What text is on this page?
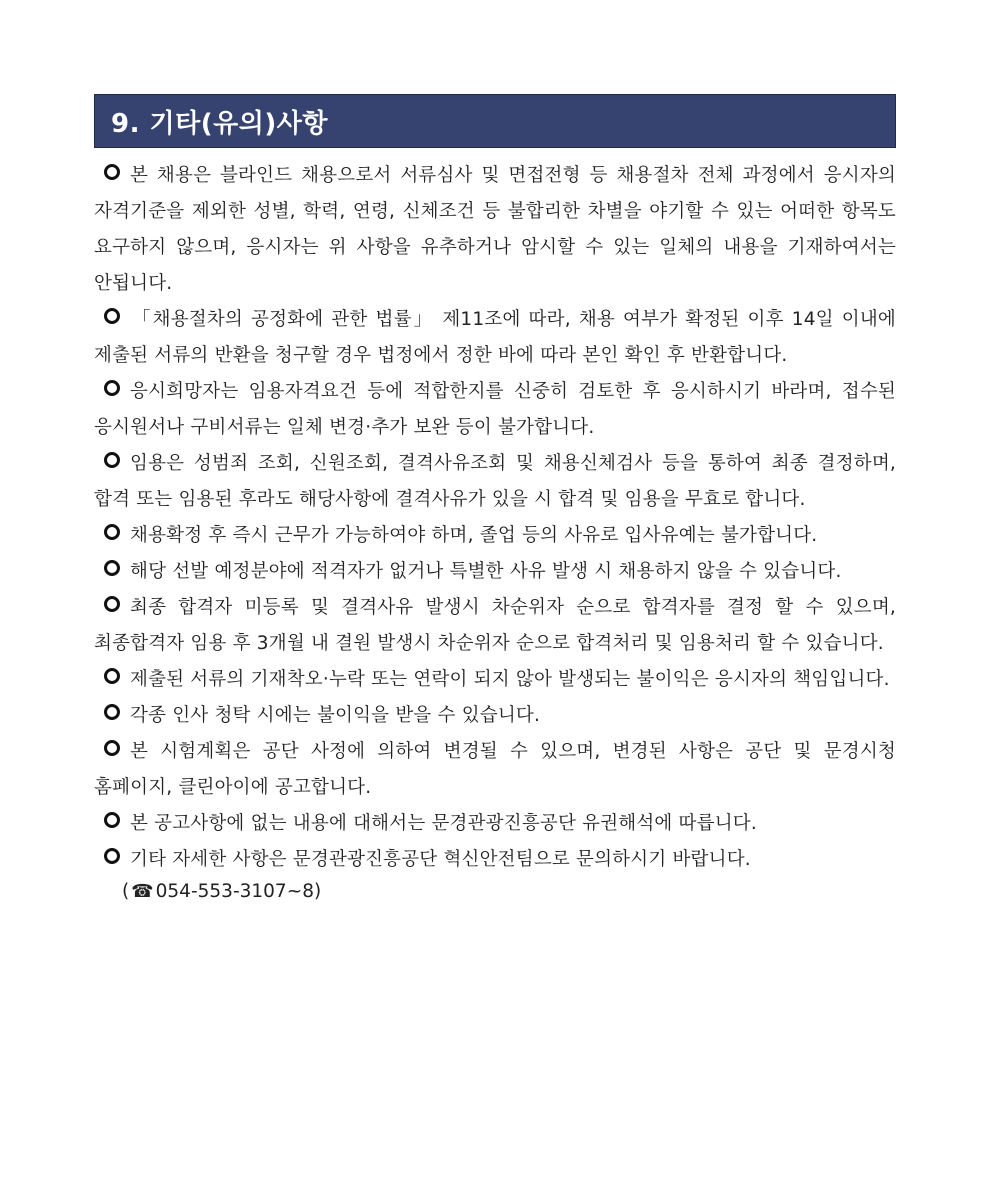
9. 기타(유의)사항
본 채용은 블라인드 채용으로서 서류심사 및 면접전형 등 채용절차 전체 과정에서 응시자의 자격기준을 제외한 성별, 학력, 연령, 신체조건 등 불합리한 차별을 야기할 수 있는 어떠한 항목도 요구하지 않으며, 응시자는 위 사항을 유추하거나 암시할 수 있는 일체의 내용을 기재하여서는 안됩니다.
「채용절차의 공정화에 관한 법률」 제11조에 따라, 채용 여부가 확정된 이후 14일 이내에 제출된 서류의 반환을 청구할 경우 법정에서 정한 바에 따라 본인 확인 후 반환합니다.
응시희망자는 임용자격요건 등에 적합한지를 신중히 검토한 후 응시하시기 바라며, 접수된 응시원서나 구비서류는 일체 변경·추가 보완 등이 불가합니다.
임용은 성범죄 조회, 신원조회, 결격사유조회 및 채용신체검사 등을 통하여 최종 결정하며, 합격 또는 임용된 후라도 해당사항에 결격사유가 있을 시 합격 및 임용을 무효로 합니다.
채용확정 후 즉시 근무가 가능하여야 하며, 졸업 등의 사유로 입사유예는 불가합니다.
해당 선발 예정분야에 적격자가 없거나 특별한 사유 발생 시 채용하지 않을 수 있습니다.
최종 합격자 미등록 및 결격사유 발생시 차순위자 순으로 합격자를 결정 할 수 있으며, 최종합격자 임용 후 3개월 내 결원 발생시 차순위자 순으로 합격처리 및 임용처리 할 수 있습니다.
제출된 서류의 기재착오·누락 또는 연락이 되지 않아 발생되는 불이익은 응시자의 책임입니다.
각종 인사 청탁 시에는 불이익을 받을 수 있습니다.
본 시험계획은 공단 사정에 의하여 변경될 수 있으며, 변경된 사항은 공단 및 문경시청 홈페이지, 클린아이에 공고합니다.
본 공고사항에 없는 내용에 대해서는 문경관광진흥공단 유권해석에 따릅니다.
기타 자세한 사항은 문경관광진흥공단 혁신안전팀으로 문의하시기 바랍니다.
( ☎ 054-553-3107~8)
